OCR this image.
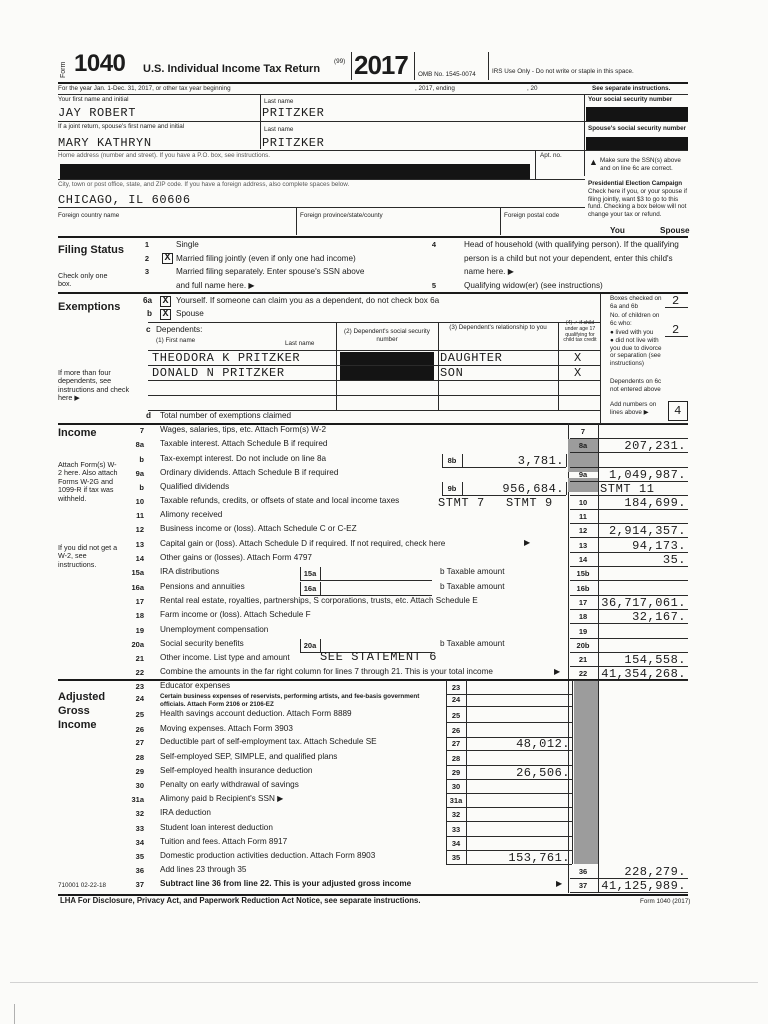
Form 1040 U.S. Individual Income Tax Return
(99) 2017 OMB No. 1545-0074	IRS Use Only - Do not write or staple in this space.
For the year Jan. 1-Dec. 31, 2017, or other tax year beginning	, 2017, ending	, 20	See separate instructions.
Your first name and initial	Last name	Your social security number
JAY ROBERT	PRITZKER
If a joint return, spouse's first name and initial	Last name	Spouse's social security number
MARY KATHRYN	PRITZKER
Home address (number and street). If you have a P.O. box, see instructions.	Apt. no.
▲ Make sure the SSN(s) above and on line 6c are correct.
City, town or post office, state, and ZIP code. If you have a foreign address, also complete spaces below.
CHICAGO, IL 60606
Presidential Election Campaign
Check here if you, or your spouse if filing jointly, want $3 to go to this fund. Checking a box below will not change your tax or refund.
Foreign country name	Foreign province/state/county	Foreign postal code
You	Spouse
Filing Status
Check only one box.
1	Single
2	X Married filing jointly (even if only one had income)
3	Married filing separately. Enter spouse's SSN above
and full name here. ▶
4	Head of household (with qualifying person). If the qualifying
person is a child but not your dependent, enter this child's
name here. ▶
5	Qualifying widow(er) (see instructions)
Exemptions
6a X Yourself. If someone can claim you as a dependent, do not check box 6a
b X Spouse
Boxes checked on 6a and 6b	2
No. of children on 6c who:
● lived with you 2
● did not live with you due to divorce or separation (see instructions)
Dependents on 6c not entered above
Add numbers on lines above ▶	4
c Dependents:
(1) First name	Last name
(2) Dependent's social security number
(3) Dependent's relationship to you
(4) ✓ if child under age 17 qualifying for child tax credit
THEODORA K PRITZKER	DAUGHTER	X
DONALD N PRITZKER	SON	X
If more than four dependents, see instructions and check here ▶
d Total number of exemptions claimed
Income
Attach Form(s) W-2 here. Also attach Forms W-2G and 1099-R if tax was withheld.
If you did not get a W-2, see instructions.
Adjusted Gross Income
710001 02-22-18
LHA For Disclosure, Privacy Act, and Paperwork Reduction Act Notice, see separate instructions.	Form 1040 (2017)
7 Wages, salaries, tips, etc. Attach Form(s) W-2	7
8a Taxable interest. Attach Schedule B if required	8a	207,231.
b Tax-exempt interest. Do not include on line 8a	8b	3,781.
9a Ordinary dividends. Attach Schedule B if required	9a	1,049,987.
b Qualified dividends	9b	956,684.
10 Taxable refunds, credits, or offsets of state and local income taxes	10	184,699.
11 Alimony received	11
12 Business income or (loss). Attach Schedule C or C-EZ	12	2,914,357.
13 Capital gain or (loss). Attach Schedule D if required. If not required, check here	13	94,173.
14 Other gains or (losses). Attach Form 4797	14	35.
15a IRA distributions	15b
15a
16a Pensions and annuities	16b
16a
17 Rental real estate, royalties, partnerships, S corporations, trusts, etc. Attach Schedule E	17	36,717,061.
18 Farm income or (loss). Attach Schedule F	18	32,167.
19 Unemployment compensation	19
20a Social security benefits	20b
20a
21 Other income. List type and amount	21	154,558.
22 Combine the amounts in the far right column for lines 7 through 21. This is your total income	22	41,354,268.
STMT 11
STMT 7 STMT 9
▶
b Taxable amount
b Taxable amount
b Taxable amount
SEE STATEMENT 6
▶
23 Educator expenses	23
24	Certain business expenses of reservists, performing artists, and fee-basis government officials. Attach Form 2106 or 2106-EZ	24
25 Health savings account deduction. Attach Form 8889	25
26 Moving expenses. Attach Form 3903	26
27 Deductible part of self-employment tax. Attach Schedule SE	27	48,012.
28 Self-employed SEP, SIMPLE, and qualified plans	28
29 Self-employed health insurance deduction	29	26,506.
30 Penalty on early withdrawal of savings	30
31a Alimony paid b Recipient's SSN ▶	31a
32 IRA deduction	32
33 Student loan interest deduction	33
34 Tuition and fees. Attach Form 8917	34
35 Domestic production activities deduction. Attach Form 8903	35	153,761.
36 Add lines 23 through 35	36	228,279.
37 Subtract line 36 from line 22. This is your adjusted gross income	37	41,125,989.
▶
